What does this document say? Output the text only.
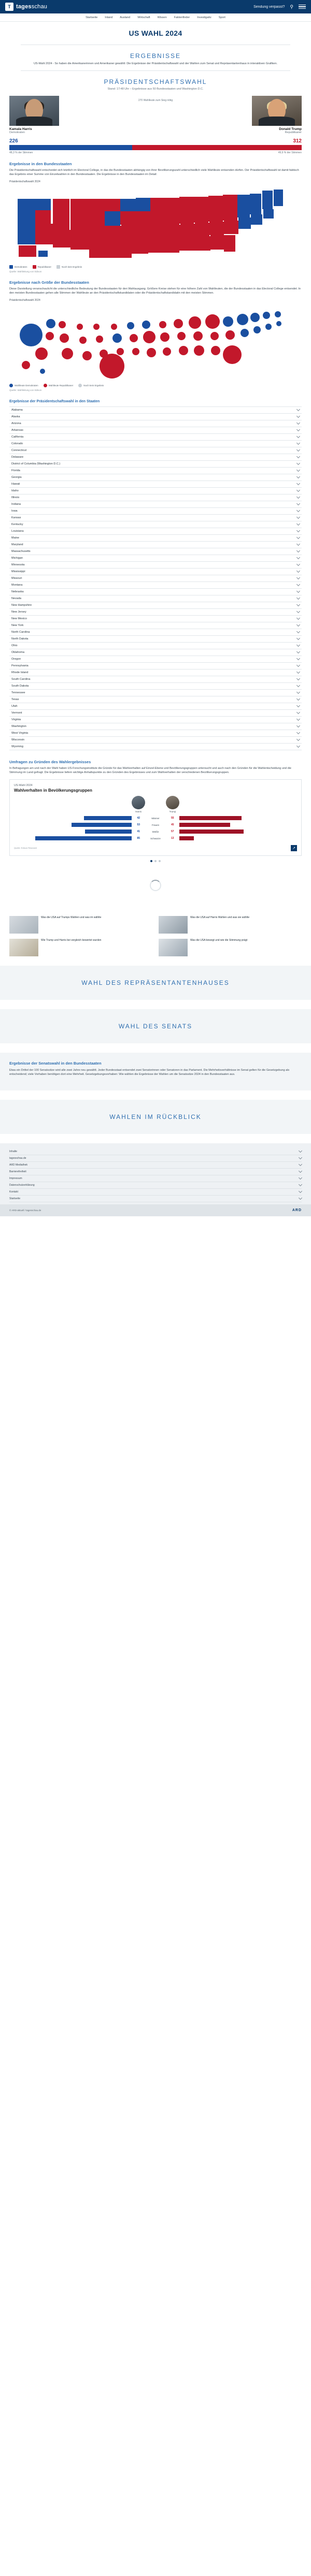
T tagesschau	Sendung verpasst? ⚲
Startseite	Inland	Ausland	Wirtschaft	Wissen	Faktenfinder	Investigativ	Sport
US WAHL 2024
ERGEBNISSE

US-Wahl 2024 - So haben die Amerikanerinnen und Amerikaner gewählt: Die Ergebnisse der Präsidentschaftswahl und der Wahlen zum Senat und Repräsentantenhaus in interaktiven Grafiken.

PRÄSIDENTSCHAFTSWAHL
Stand: 17:48 Uhr – Ergebnisse aus 50 Bundesstaaten und Washington D.C.
Kamala Harris
Demokraten
270 Wahlleute zum Sieg nötig
Donald Trump
Republikaner
226	312
48,3 % der Stimmen	49,9 % der Stimmen
Ergebnisse in den Bundesstaaten

Die Präsidentschaftswahl entscheidet sich letztlich im Electoral College, in das die Bundesstaaten abhängig von ihrer Bevölkerungszahl unterschiedlich viele Wahlleute entsenden dürfen. Der Präsidentschaftswahl ist damit faktisch das Ergebnis einer Summe von Einzelwahlen in den Bundesstaaten. Die Ergebnisse in den Bundesstaaten im Detail:

Präsidentschaftswahl 2024
Demokraten	Republikaner	Noch kein Ergebnis
Quelle: Wahlleitung von Edison
Ergebnisse nach Größe der Bundesstaaten

Diese Darstellung veranschaulicht die unterschiedliche Bedeutung der Bundesstaaten für den Wahlausgang. Größere Kreise stehen für eine höhere Zahl von Wahlleuten, die der Bundesstaaten in das Electoral College entsendet. In den meisten Bundesstaaten gehen alle Stimmen der Wahlleute an den Präsidentschaftskandidaten oder die Präsidentschaftskandidatin mit den meisten Stimmen.

Präsidentschaftswahl 2024
Wahlleute Demokraten	Wahlleute Republikaner	Noch kein Ergebnis
Quelle: Wahlleitung von Edison
Ergebnisse der Präsidentschaftswahl in den Staaten
Alabama
Alaska
Arizona
Arkansas
California
Colorado
Connecticut
Delaware
District of Columbia (Washington D.C.)
Florida
Georgia
Hawaii
Idaho
Illinois
Indiana
Iowa
Kansas
Kentucky
Louisiana
Maine
Maryland
Massachusetts
Michigan
Minnesota
Mississippi
Missouri
Montana
Nebraska
Nevada
New Hampshire
New Jersey
New Mexico
New York
North Carolina
North Dakota
Ohio
Oklahoma
Oregon
Pennsylvania
Rhode Island
South Carolina
South Dakota
Tennessee
Texas
Utah
Vermont
Virginia
Washington
West Virginia
Wisconsin
Wyoming
Umfragen zu Gründen des Wahlergebnisses

In Befragungen am und nach der Wahl haben US-Forschungsinstitute die Gründe für das Wahlverhalten auf Einzel-Ebene und Bevölkerungsgruppen untersucht und auch nach den Gründen für die Wahlentscheidung und die Stimmung im Land gefragt. Die Ergebnisse liefern wichtige Anhaltspunkte zu den Gründen des Ergebnisses und zum Wahlverhalten der verschiedenen Bevölkerungsgruppen.

US-Wahl 2024
Wahlverhalten in Bevölkerungsgruppen
Harris	Trump
42	Männer	55
53	Frauen	45
41	Weiße	57
85	Schwarze	13
Quelle: Edison Research	↗
Was die USA auf Trumps Wahlen und was im wählte	Was die USA auf Harris Wahlen und was sie wählte
Wie Trump und Harris bei vergleich bewertet wurden	Was die USA bewegt und wie die Stimmung prägt
WAHL DES REPRÄSENTANTENHAUSES
WAHL DES SENATS
Ergebnisse der Senatswahl in den Bundesstaaten

Etwa ein Drittel der 100 Senatssitze wird alle zwei Jahre neu gewählt. Jeder Bundesstaat entsendet zwei Senatorinnen oder Senatoren in das Parlament. Die Mehrheitsverhältnisse im Senat gelten für die Gesetzgebung als entscheidend; viele Vorhaben benötigen dort eine Mehrheit. Gesetzgebungsvorhaben: Wie wählen die Ergebnisse der Wahlen um die Senatssitze 2024 in den Bundesstaaten aus.

WAHLEN IM RÜCKBLICK
Inhalte
tagesschau.de
ARD Mediathek
Barrierefreiheit
Impressum
Datenschutzerklärung
Kontakt
Startseite
© ARD-aktuell / tagesschau.de	ARD
